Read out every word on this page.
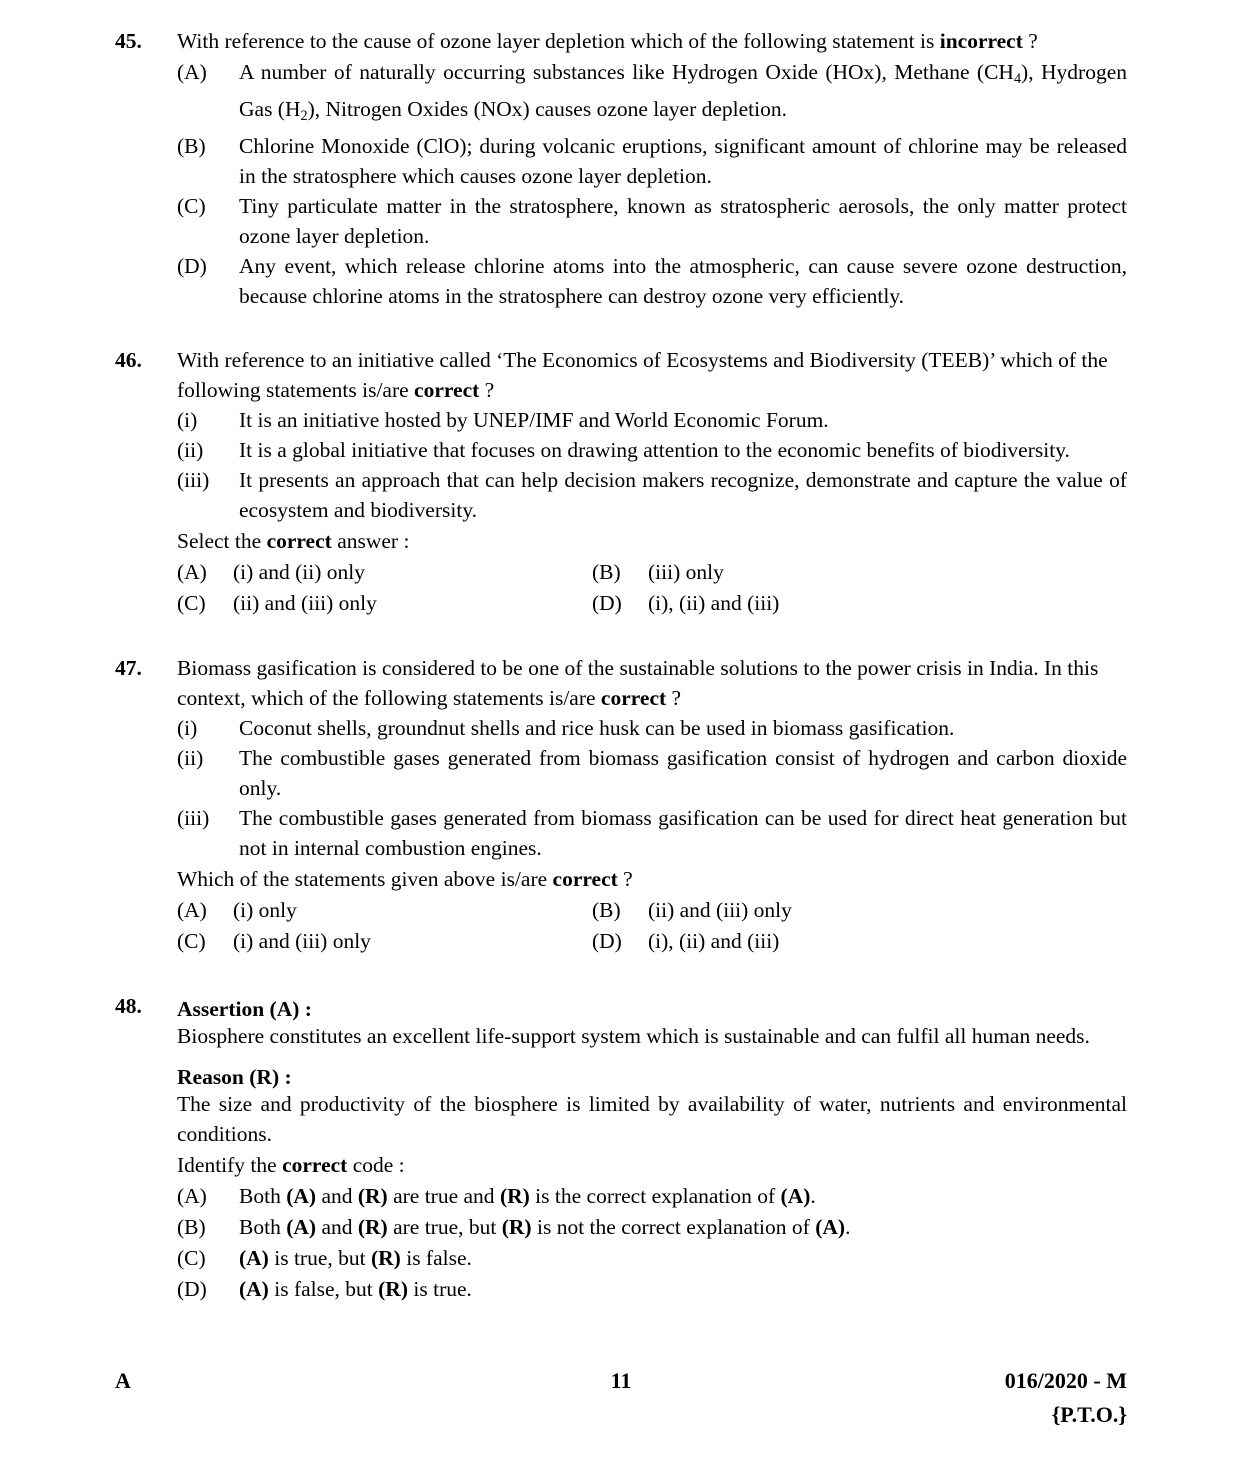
45.	With reference to the cause of ozone layer depletion which of the following statement is incorrect ?
(A)	A number of naturally occurring substances like Hydrogen Oxide (HOx), Methane $(CH_4)$, Hydrogen Gas $(H_2)$, Nitrogen Oxides (NOx) causes ozone layer depletion.
(B)	Chlorine Monoxide (ClO); during volcanic eruptions, significant amount of chlorine may be released in the stratosphere which causes ozone layer depletion.
(C)	Tiny particulate matter in the stratosphere, known as stratospheric aerosols, the only matter protect ozone layer depletion.
(D)	Any event, which release chlorine atoms into the atmospheric, can cause severe ozone destruction, because chlorine atoms in the stratosphere can destroy ozone very efficiently.
46.	With reference to an initiative called ‘The Economics of Ecosystems and Biodiversity (TEEB)’ which of the following statements is/are correct ?
(i)	It is an initiative hosted by UNEP/IMF and World Economic Forum.
(ii)	It is a global initiative that focuses on drawing attention to the economic benefits of biodiversity.
(iii)	It presents an approach that can help decision makers recognize, demonstrate and capture the value of ecosystem and biodiversity.
Select the correct answer :
(A)	(i) and (ii) only	(B)	(iii) only
(C)	(ii) and (iii) only	(D)	(i), (ii) and (iii)
47.	Biomass gasification is considered to be one of the sustainable solutions to the power crisis in India. In this context, which of the following statements is/are correct ?
(i)	Coconut shells, groundnut shells and rice husk can be used in biomass gasification.
(ii)	The combustible gases generated from biomass gasification consist of hydrogen and carbon dioxide only.
(iii)	The combustible gases generated from biomass gasification can be used for direct heat generation but not in internal combustion engines.
Which of the statements given above is/are correct ?
(A)	(i) only	(B)	(ii) and (iii) only
(C)	(i) and (iii) only	(D)	(i), (ii) and (iii)
48.	Assertion (A) :
Biosphere constitutes an excellent life-support system which is sustainable and can fulfil all human needs.
Reason (R) :
The size and productivity of the biosphere is limited by availability of water, nutrients and environmental conditions.
Identify the correct code :
(A)	Both (A) and (R) are true and (R) is the correct explanation of (A).
(B)	Both (A) and (R) are true, but (R) is not the correct explanation of (A).
(C)	(A) is true, but (R) is false.
(D)	(A) is false, but (R) is true.
A	11	016/2020 - M
{P.T.O.}
